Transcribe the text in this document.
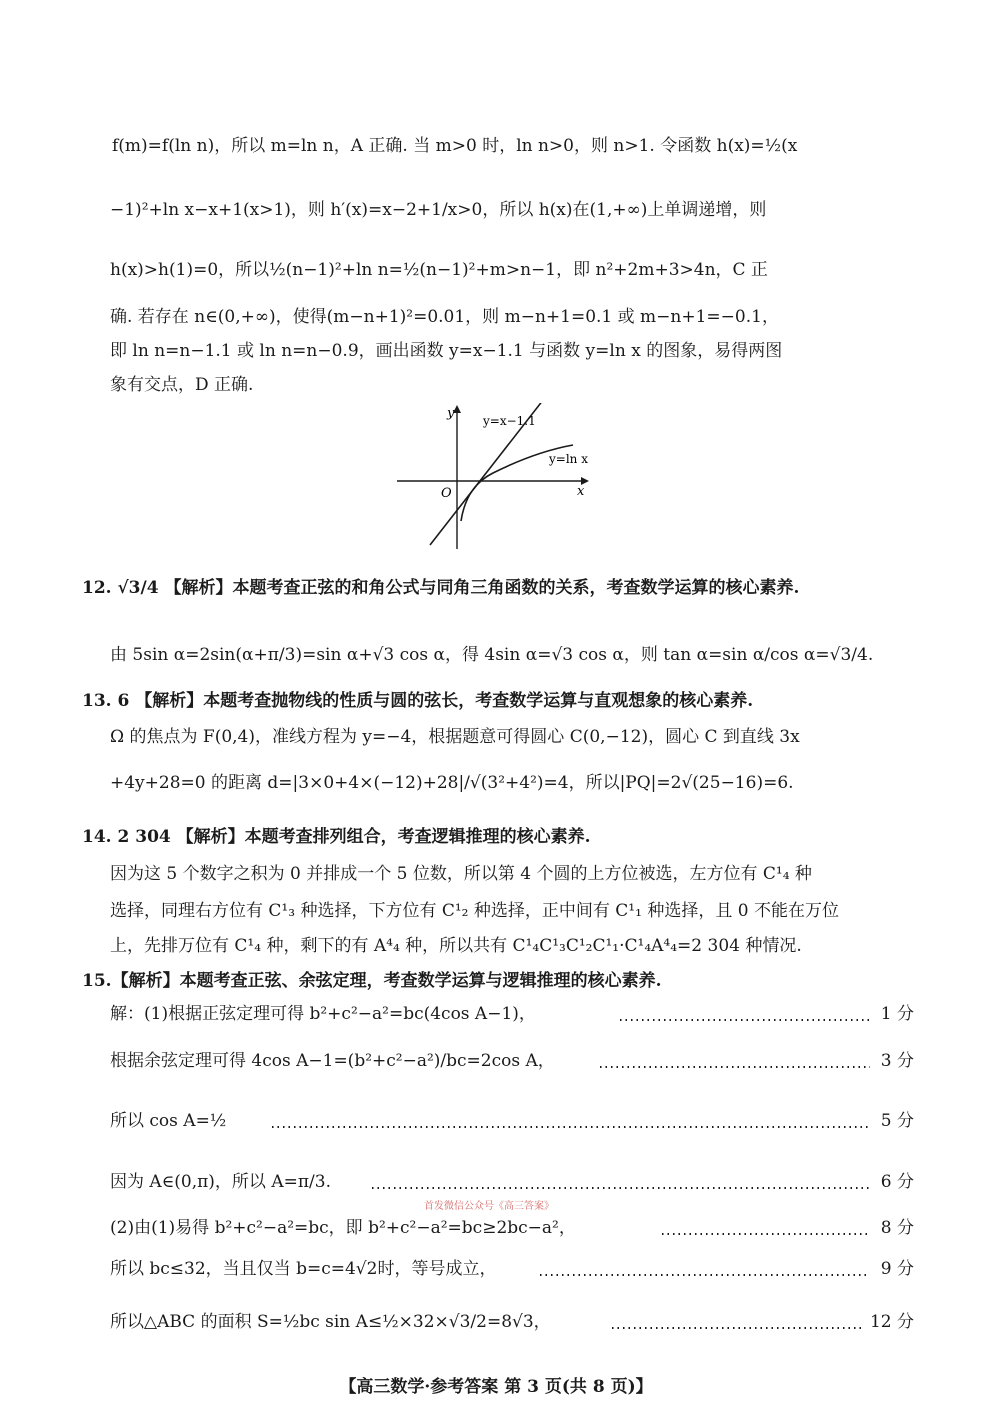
f(m)=f(ln n)，所以 m=ln n，A 正确. 当 m>0 时，ln n>0，则 n>1. 令函数 h(x)=½(x
−1)²+ln x−x+1(x>1)，则 h′(x)=x−2+1/x>0，所以 h(x)在(1,+∞)上单调递增，则
h(x)>h(1)=0，所以½(n−1)²+ln n=½(n−1)²+m>n−1，即 n²+2m+3>4n，C 正
确. 若存在 n∈(0,+∞)，使得(m−n+1)²=0.01，则 m−n+1=0.1 或 m−n+1=−0.1，
即 ln n=n−1.1 或 ln n=n−0.9，画出函数 y=x−1.1 与函数 y=ln x 的图象，易得两图
象有交点，D 正确.
y
x
O
y=x−1.1
y=ln x
12. √3/4 【解析】本题考查正弦的和角公式与同角三角函数的关系，考查数学运算的核心素养.
由 5sin α=2sin(α+π/3)=sin α+√3 cos α，得 4sin α=√3 cos α，则 tan α=sin α/cos α=√3/4.
13. 6 【解析】本题考查抛物线的性质与圆的弦长，考查数学运算与直观想象的核心素养.
Ω 的焦点为 F(0,4)，准线方程为 y=−4，根据题意可得圆心 C(0,−12)，圆心 C 到直线 3x
+4y+28=0 的距离 d=|3×0+4×(−12)+28|/√(3²+4²)=4，所以|PQ|=2√(25−16)=6.
14. 2 304 【解析】本题考查排列组合，考查逻辑推理的核心素养.
因为这 5 个数字之积为 0 并排成一个 5 位数，所以第 4 个圆的上方位被选，左方位有 C¹₄ 种
选择，同理右方位有 C¹₃ 种选择，下方位有 C¹₂ 种选择，正中间有 C¹₁ 种选择，且 0 不能在万位
上，先排万位有 C¹₄ 种，剩下的有 A⁴₄ 种，所以共有 C¹₄C¹₃C¹₂C¹₁·C¹₄A⁴₄=2 304 种情况.
15.【解析】本题考查正弦、余弦定理，考查数学运算与逻辑推理的核心素养.
解：(1)根据正弦定理可得 b²+c²−a²=bc(4cos A−1)，	1 分
根据余弦定理可得 4cos A−1=(b²+c²−a²)/bc=2cos A，	3 分
所以 cos A=½	5 分
因为 A∈(0,π)，所以 A=π/3.	6 分
首发微信公众号《高三答案》
(2)由(1)易得 b²+c²−a²=bc，即 b²+c²−a²=bc≥2bc−a²，	8 分
所以 bc≤32，当且仅当 b=c=4√2时，等号成立，	9 分
所以△ABC 的面积 S=½bc sin A≤½×32×√3/2=8√3，	12 分
【高三数学·参考答案 第 3 页(共 8 页)】
